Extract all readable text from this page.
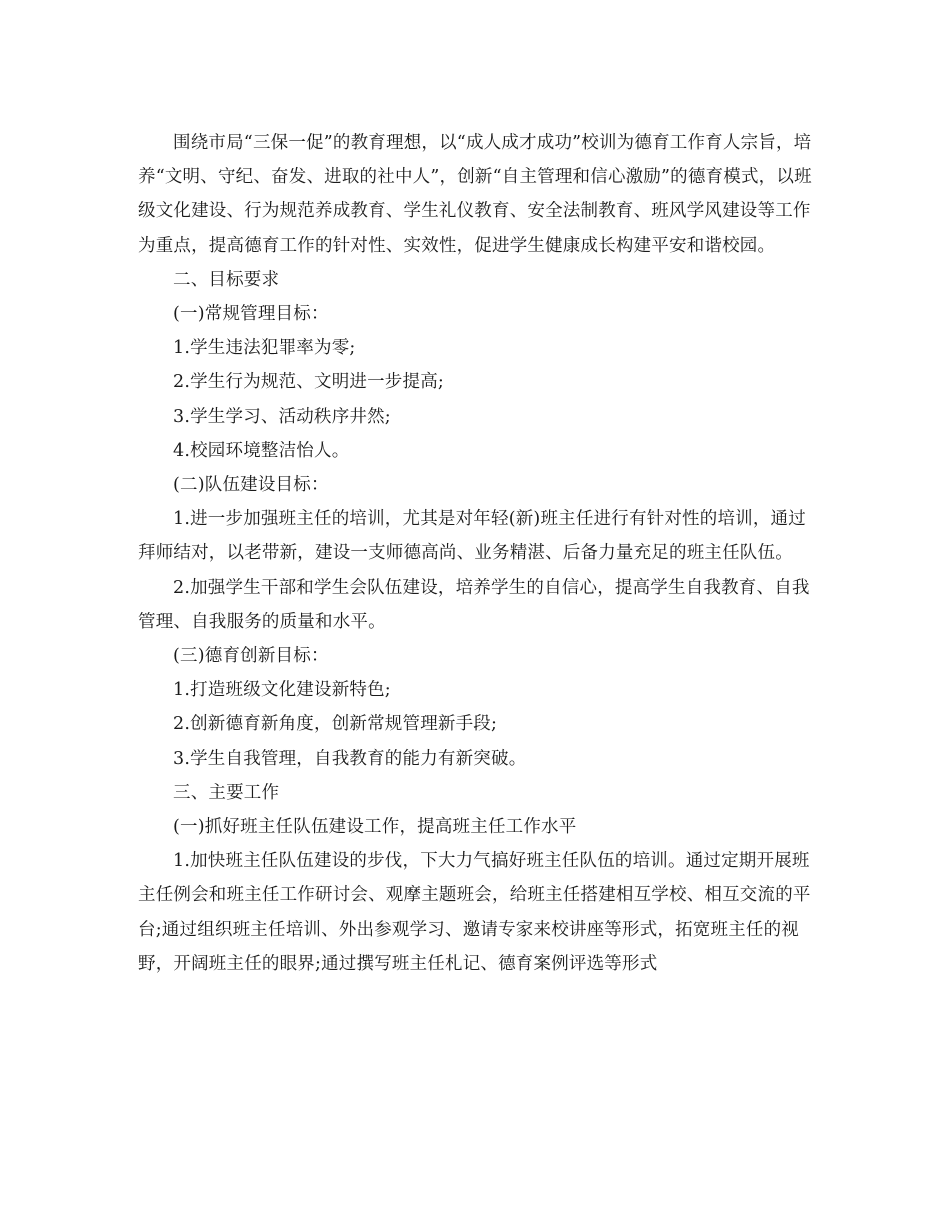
围绕市局“三保一促”的教育理想，以“成人成才成功”校训为德育工作育人宗旨，培养“文明、守纪、奋发、进取的社中人”，创新“自主管理和信心激励”的德育模式，以班级文化建设、行为规范养成教育、学生礼仪教育、安全法制教育、班风学风建设等工作为重点，提高德育工作的针对性、实效性，促进学生健康成长构建平安和谐校园。

二、目标要求

(一)常规管理目标：

1.学生违法犯罪率为零;

2.学生行为规范、文明进一步提高;

3.学生学习、活动秩序井然;

4.校园环境整洁怡人。

(二)队伍建设目标：

1.进一步加强班主任的培训，尤其是对年轻(新)班主任进行有针对性的培训，通过拜师结对，以老带新，建设一支师德高尚、业务精湛、后备力量充足的班主任队伍。

2.加强学生干部和学生会队伍建设，培养学生的自信心，提高学生自我教育、自我管理、自我服务的质量和水平。

(三)德育创新目标：

1.打造班级文化建设新特色;

2.创新德育新角度，创新常规管理新手段;

3.学生自我管理，自我教育的能力有新突破。

三、主要工作

(一)抓好班主任队伍建设工作，提高班主任工作水平

1.加快班主任队伍建设的步伐，下大力气搞好班主任队伍的培训。通过定期开展班主任例会和班主任工作研讨会、观摩主题班会，给班主任搭建相互学校、相互交流的平台;通过组织班主任培训、外出参观学习、邀请专家来校讲座等形式，拓宽班主任的视野，开阔班主任的眼界;通过撰写班主任札记、德育案例评选等形式
